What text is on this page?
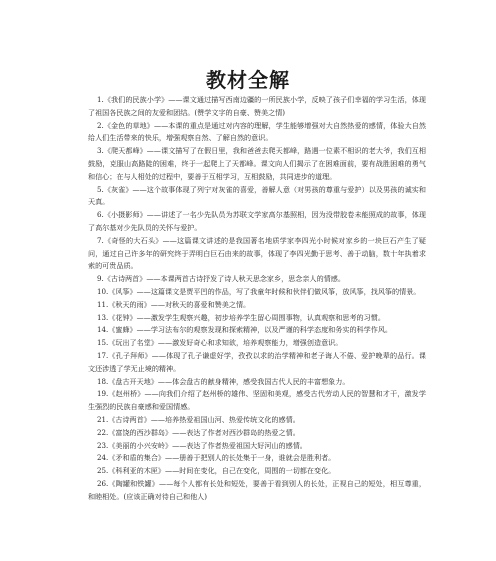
教材全解

1.《我们的民族小学》——课文通过描写西南边疆的一所民族小学，反映了孩子们幸福的学习生活，体现了祖国各民族之间的友爱和团结。(赞学文字的自豪、赞美之情)

2.《金色的草地》——本课的重点是通过对内容的理解，学生能够增强对大自然热爱的感情，体验大自然给人们生活带来的快乐，增强观察自然、了解自然的意识。

3.《爬天都峰》——课文描写了在假日里，我和爸爸去爬天都峰，路遇一位素不相识的老大爷，我们互相鼓励，克服山高路陡的困难，终于一起爬上了天都峰。课文向人们揭示了在困难面前，要有战胜困难的勇气和信心；在与人相处的过程中，要善于互相学习，互相鼓励，共同进步的道理。

5.《灰雀》——这个故事体现了列宁对灰雀的喜爱，善解人意（对男孩的尊重与爱护）以及男孩的诚实和天真。

6.《小摄影师》——讲述了一名少先队员为苏联文学家高尔基照相，因为没带胶卷未能照成的故事，体现了高尔基对少先队员的关怀与爱护。

7.《奇怪的大石头》——这篇课文讲述的是我国著名地质学家李四光小时候对家乡的一块巨石产生了疑问，通过自己许多年的研究终于弄明白巨石由来的故事，体现了李四光勤于思考、善于动脑，数十年执着求索的可贵品质。

9.《古诗两首》——本课两首古诗抒发了诗人秋天思念家乡，思念亲人的情感。

10.《风筝》——这篇课文是贾平凹的作品，写了我童年时候和伙伴们做风筝，放风筝，找风筝的情景。

11.《秋天的雨》——对秋天的喜爱和赞美之情。

13.《花钟》——激发学生观察兴趣，初步培养学生留心周围事物，认真观察和思考的习惯。

14.《蜜蜂》——学习法布尔的观察发现和探索精神，以及严谨的科学态度和务实的科学作风。

15.《玩出了名堂》——激发好奇心和求知欲，培养观察能力，增强创造意识。

17.《孔子拜师》——体现了孔子谦虚好学，孜孜以求的治学精神和老子诲人不倦、爱护晚辈的品行。课文还涉透了学无止境的精神。

18.《盘古开天地》——体会盘古的献身精神，感受我国古代人民的丰富想象力。

19.《赵州桥》——向我们介绍了赵州桥的雄伟、坚固和美观，感受古代劳动人民的智慧和才干，激发学生强烈的民族自豪感和爱国情感。

21.《古诗两首》——培养热爱祖国山河、热爱传统文化的感情。

22.《富饶的西沙群岛》——表达了作者对西沙群岛的热爱之情。

23.《美丽的小兴安岭》——表达了作者热爱祖国大好河山的感情。

24.《矛和盾的集合》——册善于把别人的长处集于一身，谁就会是胜利者。

25.《科利亚的木匣》——时间在变化，自己在变化，周围的一切都在变化。

26.《陶罐和铁罐》——每个人都有长处和短处，要善于看到别人的长处，正视自己的短处，相互尊重，和睦相处。(应该正确对待自己和他人)
